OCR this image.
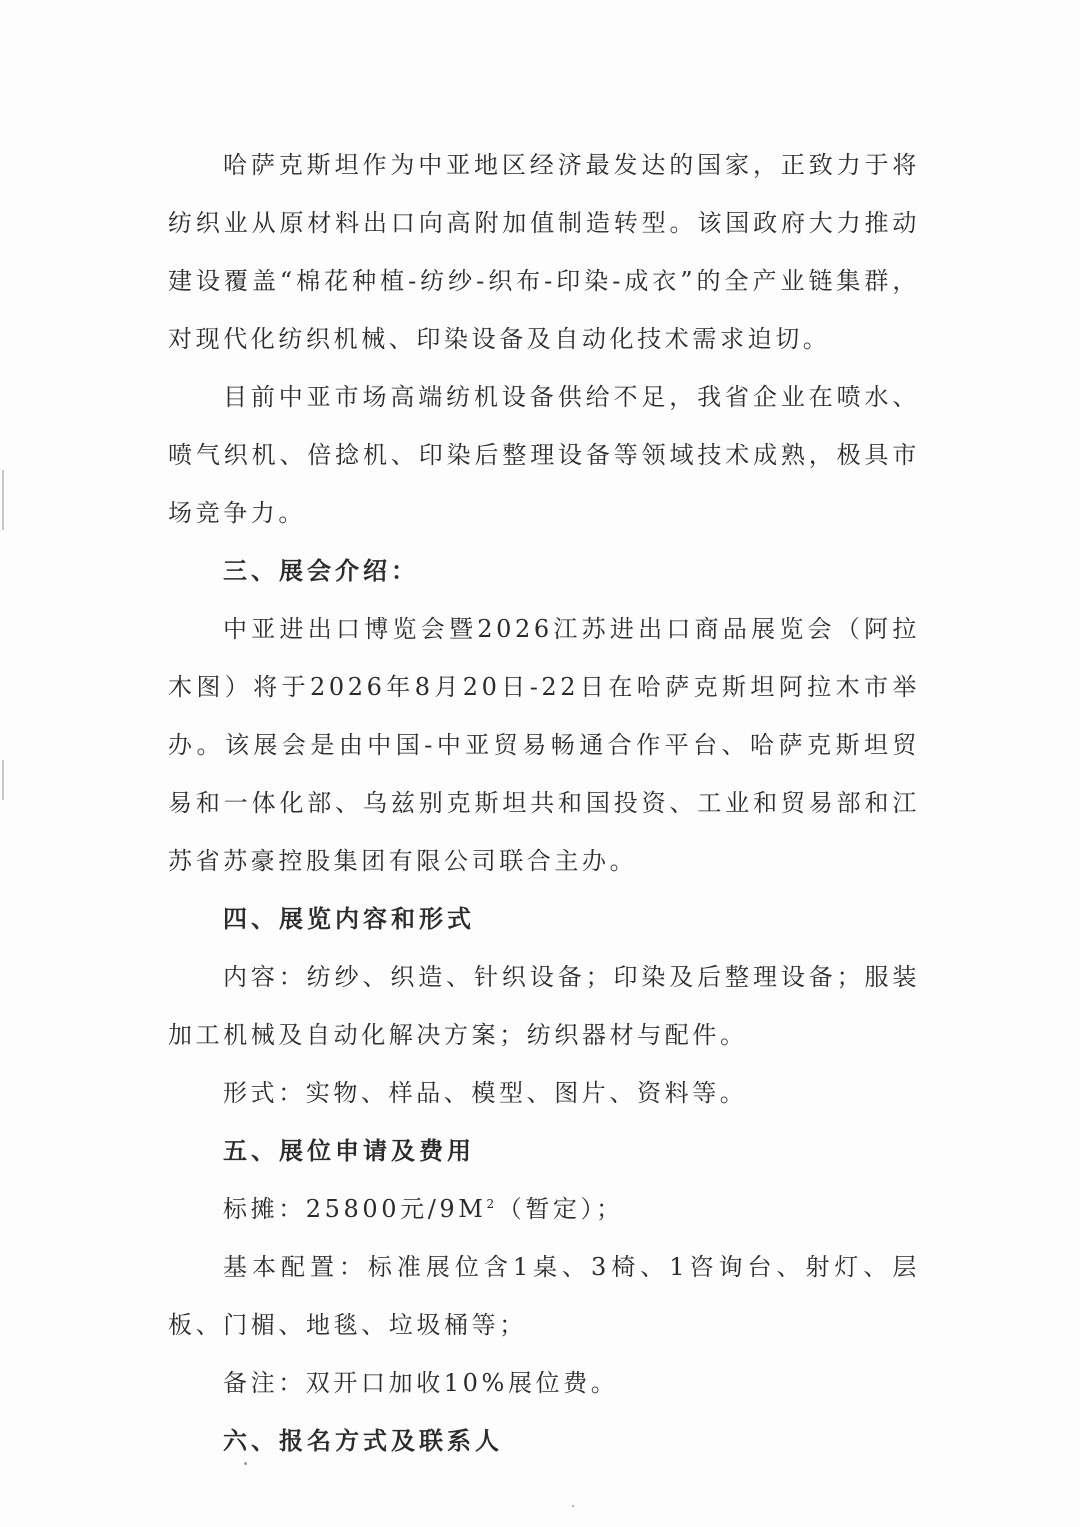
哈萨克斯坦作为中亚地区经济最发达的国家，正致力于将纺织业从原材料出口向高附加值制造转型。该国政府大力推动建设覆盖“棉花种植-纺纱-织布-印染-成衣”的全产业链集群，对现代化纺织机械、印染设备及自动化技术需求迫切。

目前中亚市场高端纺机设备供给不足，我省企业在喷水、喷气织机、倍捻机、印染后整理设备等领域技术成熟，极具市场竞争力。

三、展会介绍：

中亚进出口博览会暨2026江苏进出口商品展览会（阿拉木图）将于2026年8月20日-22日在哈萨克斯坦阿拉木市举办。该展会是由中国-中亚贸易畅通合作平台、哈萨克斯坦贸易和一体化部、乌兹别克斯坦共和国投资、工业和贸易部和江苏省苏豪控股集团有限公司联合主办。

四、展览内容和形式

内容：纺纱、织造、针织设备；印染及后整理设备；服装加工机械及自动化解决方案；纺织器材与配件。

形式：实物、样品、模型、图片、资料等。

五、展位申请及费用

标摊：25800元$/9M^2$（暂定）；

基本配置：标准展位含1桌、3椅、1咨询台、射灯、层板、门楣、地毯、垃圾桶等；

备注：双开口加收10%展位费。

六、报名方式及联系人
